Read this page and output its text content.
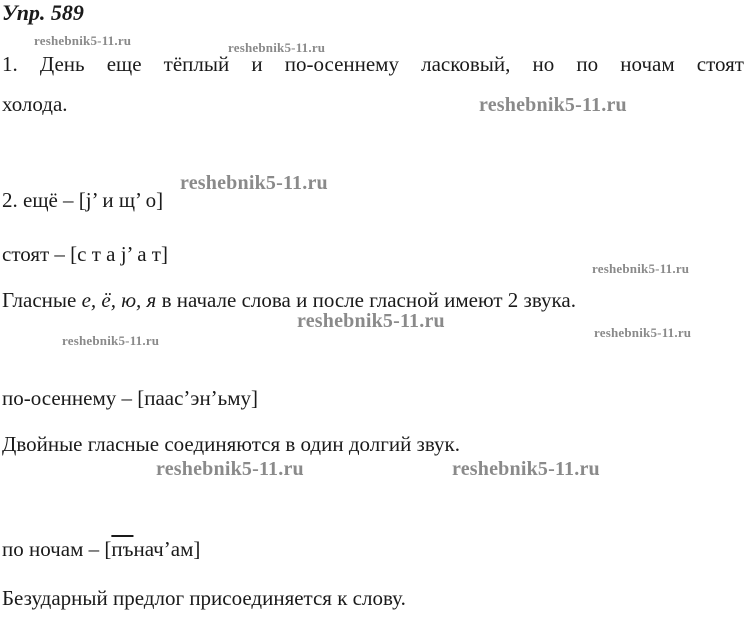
Упр. 589
1. День еще тёплый и по-осеннему ласковый, но по ночам стоят
холода.
2. ещё – [j’ и щ’ о]
стоят – [с т а j’ а т]
Гласные е, ё, ю, я в начале слова и после гласной имеют 2 звука.
по-осеннему – [паас’эн’ьму]
Двойные гласные соединяются в один долгий звук.
по ночам – [пънач’ам]
Безударный предлог присоединяется к слову.
reshebnik5-11.ru	reshebnik5-11.ru
reshebnik5-11.ru
reshebnik5-11.ru
reshebnik5-11.ru
reshebnik5-11.ru
reshebnik5-11.ru
reshebnik5-11.ru
reshebnik5-11.ru	reshebnik5-11.ru
